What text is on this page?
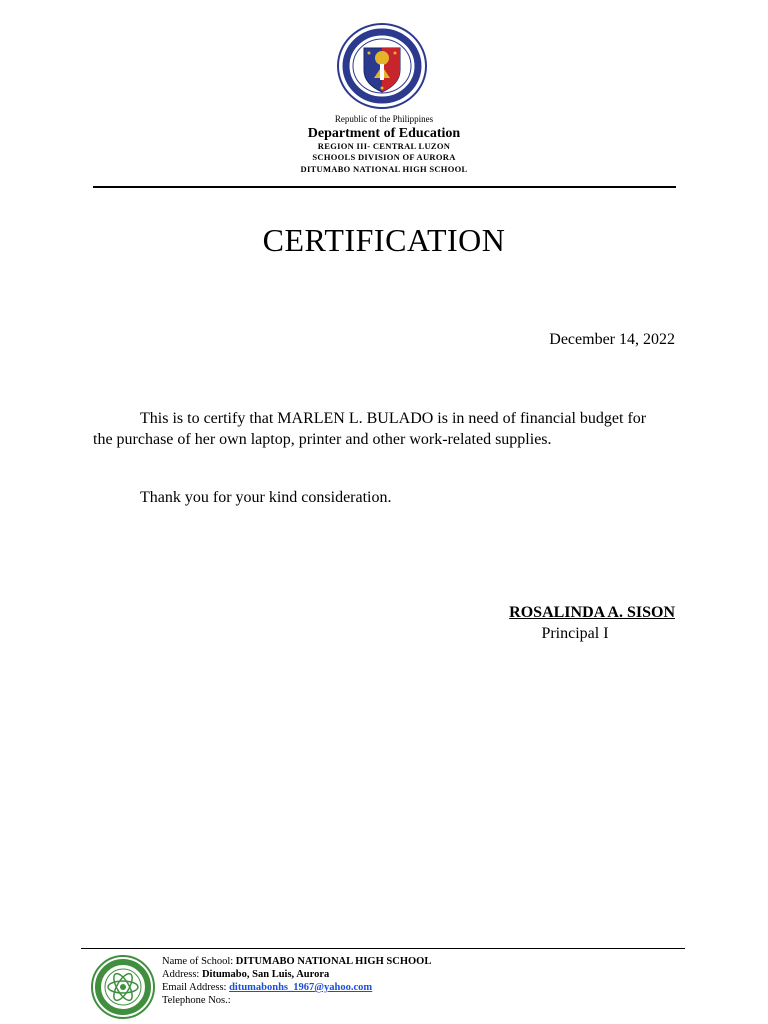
Republic of the Philippines
Department of Education
REGION III- CENTRAL LUZON
SCHOOLS DIVISION OF AURORA
DITUMABO NATIONAL HIGH SCHOOL
CERTIFICATION
December 14, 2022
This is to certify that MARLEN L. BULADO is in need of financial budget for the purchase of her own laptop, printer and other work-related supplies.
Thank you for your kind consideration.
ROSALINDA A. SISON
Principal I
Name of School: DITUMABO NATIONAL HIGH SCHOOL
Address: Ditumabo, San Luis, Aurora
Email Address: ditumabonhs_1967@yahoo.com
Telephone Nos.:
